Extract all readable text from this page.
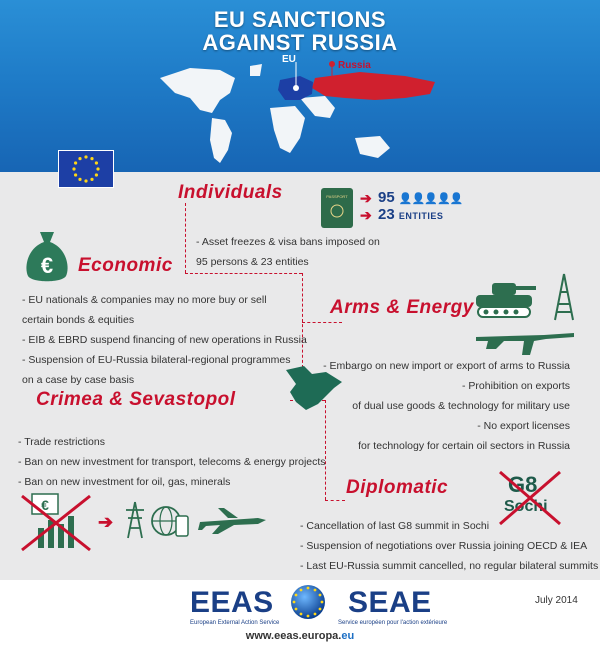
EU SANCTIONS
AGAINST RUSSIA
EU
Russia
Individuals	PASSPORT ➔
➔
95 👤👤👤👤👤
23 ENTITIES
- Asset freezes & visa bans imposed on
95 persons & 23 entities
€ Economic
- EU nationals & companies may no more buy or sell
certain bonds & equities
- EIB & EBRD suspend financing of new operations in Russia
- Suspension of EU-Russia bilateral-regional programmes
on a case by case basis
Arms & Energy
- Embargo on new import or export of arms to Russia
- Prohibition on exports
of dual use goods & technology for military use
- No export licenses
for technology for certain oil sectors in Russia
Crimea & Sevastopol
- Trade restrictions
- Ban on new investment for transport, telecoms & energy projects
- Ban on new investment for oil, gas, minerals
€
➔
Diplomatic	G8
Sochi
- Cancellation of last G8 summit in Sochi
- Suspension of negotiations over Russia joining OECD & IEA
- Last EU-Russia summit cancelled, no regular bilateral summits
EEAS SEAE
European External Action Service	Service européen pour l'action extérieure
www.eeas.europa.eu
July 2014
